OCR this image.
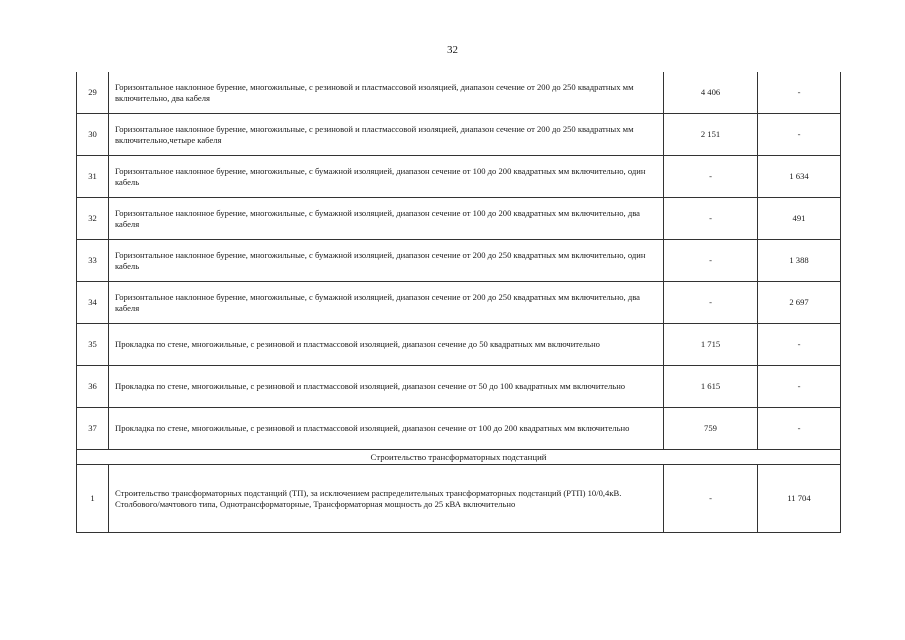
32
29	Горизонтальное наклонное бурение, многожильные, с резиновой и пластмассовой изоляцией, диапазон сечение от 200 до 250 квадратных мм включительно, два кабеля	4 406	-
30	Горизонтальное наклонное бурение, многожильные, с резиновой и пластмассовой изоляцией, диапазон сечение от 200 до 250 квадратных мм включительно,четыре кабеля	2 151	-
31	Горизонтальное наклонное бурение, многожильные, с бумажной изоляцией, диапазон сечение от 100 до 200 квадратных мм включительно, один кабель	-	1 634
32	Горизонтальное наклонное бурение, многожильные, с бумажной изоляцией, диапазон сечение от 100 до 200 квадратных мм включительно, два кабеля	-	491
33	Горизонтальное наклонное бурение, многожильные, с бумажной изоляцией, диапазон сечение от 200 до 250 квадратных мм включительно, один кабель	-	1 388
34	Горизонтальное наклонное бурение, многожильные, с бумажной изоляцией, диапазон сечение от 200 до 250 квадратных мм включительно, два кабеля	-	2 697
35	Прокладка по стене, многожильные, с резиновой и пластмассовой изоляцией, диапазон сечение до 50 квадратных мм включительно	1 715	-
36	Прокладка по стене, многожильные, с резиновой и пластмассовой изоляцией, диапазон сечение от 50 до 100 квадратных мм включительно	1 615	-
37	Прокладка по стене, многожильные, с резиновой и пластмассовой изоляцией, диапазон сечение от 100 до 200 квадратных мм включительно	759	-
Строительство трансформаторных подстанций			
1	Строительство трансформаторных подстанций (ТП), за исключением распределительных трансформаторных подстанций (РТП) 10/0,4кВ. Столбового/мачтового типа, Однотрансформаторные, Трансформаторная мощность до 25 кВА включительно	-	11 704
